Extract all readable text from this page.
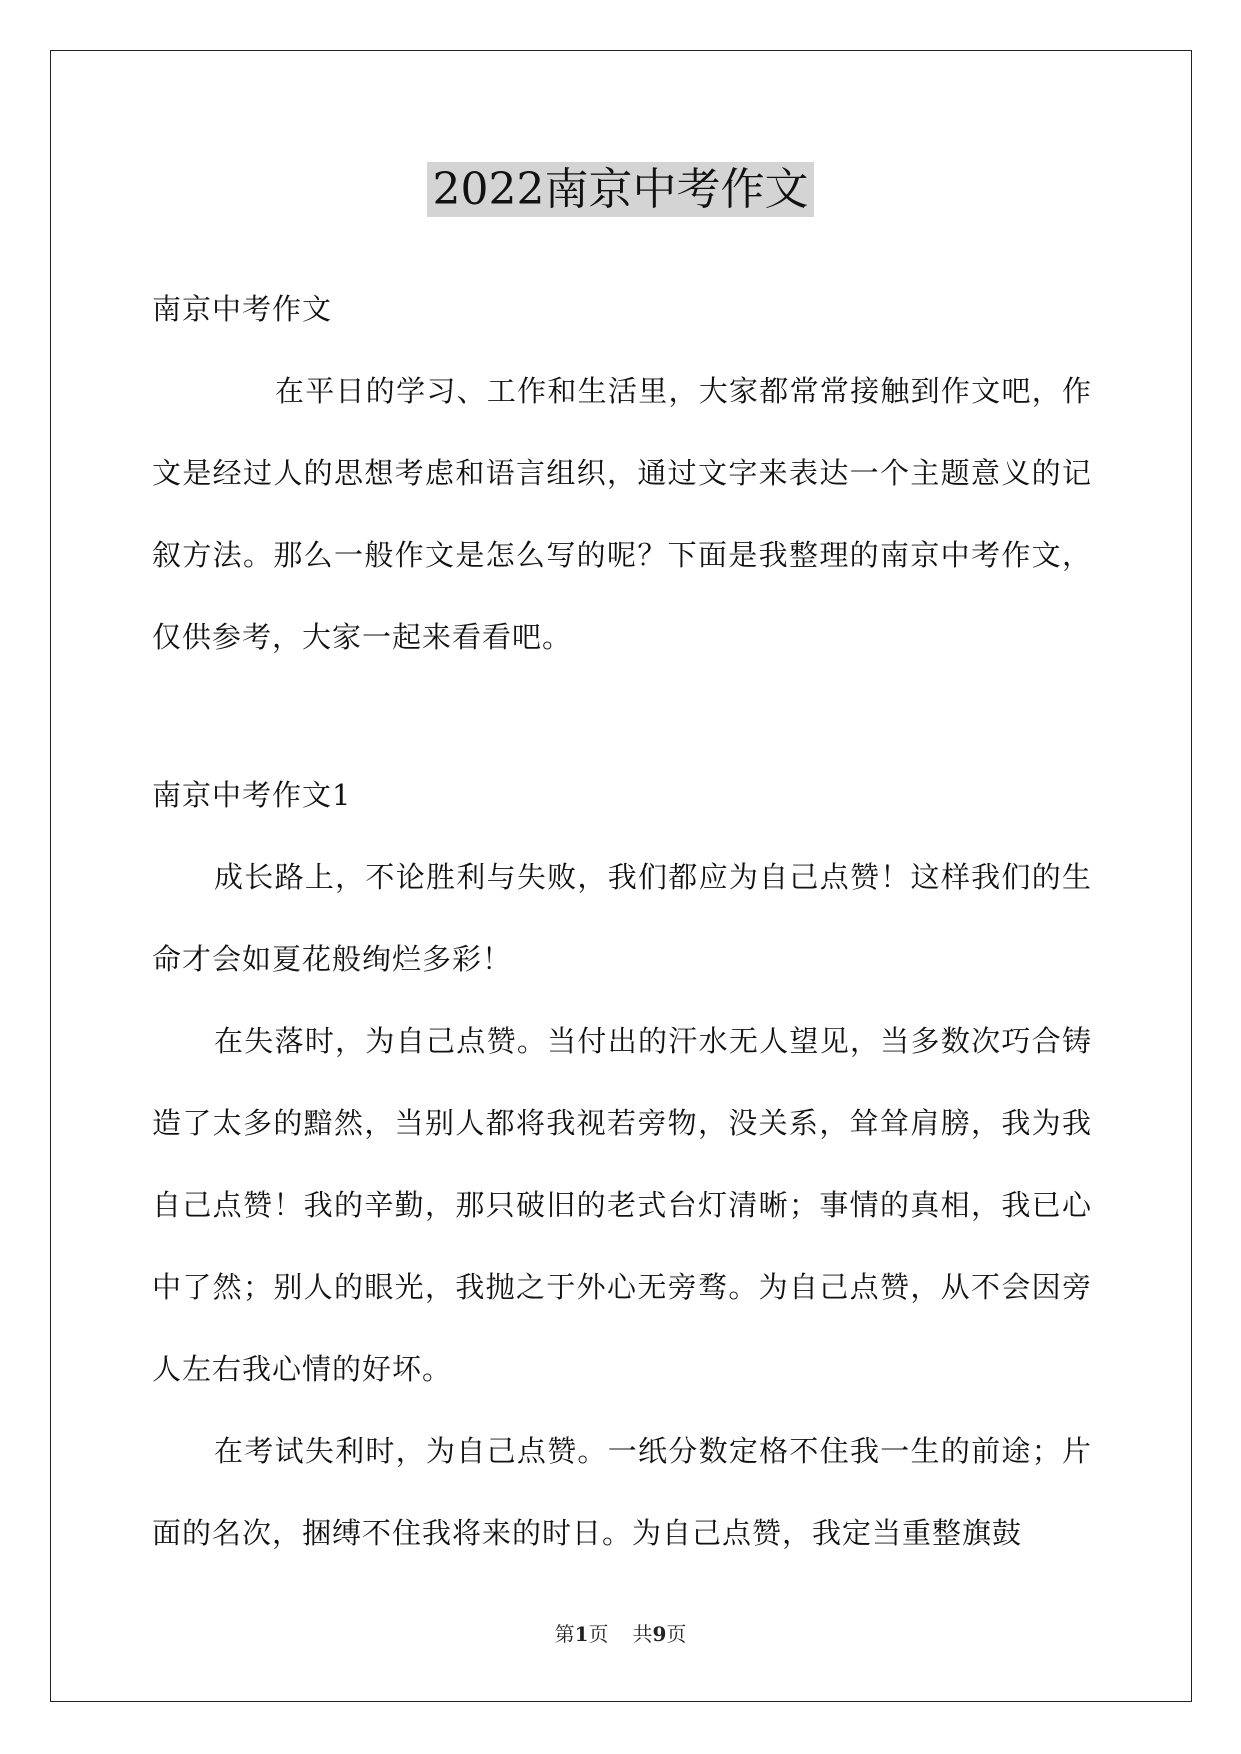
2022南京中考作文

南京中考作文

在平日的学习、工作和生活里，大家都常常接触到作文吧，作文是经过人的思想考虑和语言组织，通过文字来表达一个主题意义的记叙方法。那么一般作文是怎么写的呢？下面是我整理的南京中考作文，仅供参考，大家一起来看看吧。

南京中考作文1

成长路上，不论胜利与失败，我们都应为自己点赞！这样我们的生命才会如夏花般绚烂多彩！

在失落时，为自己点赞。当付出的汗水无人望见，当多数次巧合铸造了太多的黯然，当别人都将我视若旁物，没关系，耸耸肩膀，我为我自己点赞！我的辛勤，那只破旧的老式台灯清晰；事情的真相，我已心中了然；别人的眼光，我抛之于外心无旁骛。为自己点赞，从不会因旁人左右我心情的好坏。

在考试失利时，为自己点赞。一纸分数定格不住我一生的前途；片面的名次，捆缚不住我将来的时日。为自己点赞，我定当重整旗鼓

第1页 共9页
